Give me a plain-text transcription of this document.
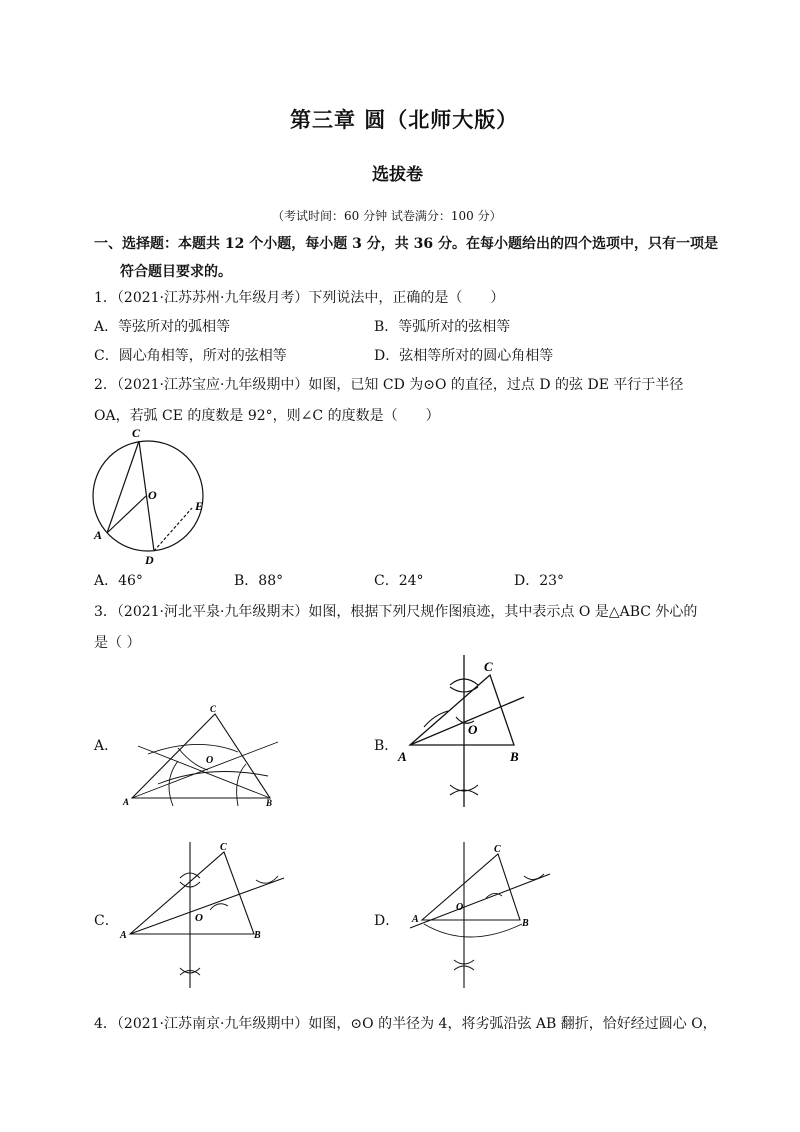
第三章 圆（北师大版）
选拔卷
（考试时间：60 分钟 试卷满分：100 分）
一、选择题：本题共 12 个小题，每小题 3 分，共 36 分。在每小题给出的四个选项中，只有一项是
符合题目要求的。
1．（2021·江苏苏州·九年级月考）下列说法中，正确的是（　　）
A．等弦所对的弧相等	B．等弧所对的弦相等
C．圆心角相等，所对的弦相等	D．弦相等所对的圆心角相等
2．（2021·江苏宝应·九年级期中）如图，已知 CD 为⊙O 的直径，过点 D 的弦 DE 平行于半径
OA，若弧 CE 的度数是 92°，则∠C 的度数是（　　）
C
O
E
A
D
A．46°	B．88°	C．24°	D．23°
3．（2021·河北平泉·九年级期末）如图，根据下列尺规作图痕迹，其中表示点 O 是△ABC 外心的
是（ ）
A．
C
O
A	B
B．
C
O
A	B
C．
C
O
A	B
D．
C
O
A	B
4．（2021·江苏南京·九年级期中）如图，⊙O 的半径为 4，将劣弧沿弦 AB 翻折，恰好经过圆心 O，
